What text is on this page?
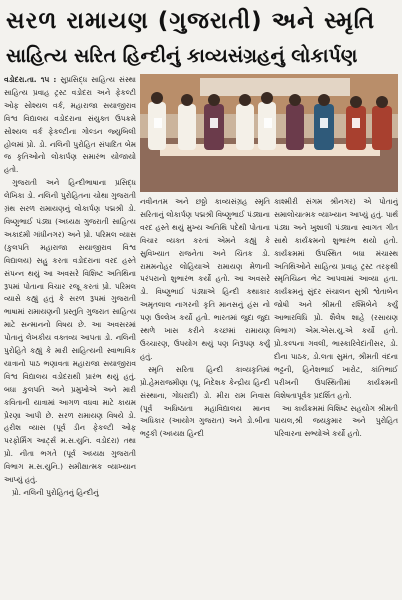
સરળ રામાયણ (ગુજરાતી) અને સ્મૃતિ
સાહિત્ય સરિત હિન્દીનું કાવ્યસંગ્રહનું લોકાર્પણ

વડોદરા.તા. ૧૫ : સુપ્રસિદ્ધ સાહિત્ય સંસ્થા સાહિત્ય પ્રવાહ ટ્રસ્ટ વડોદરા અને ફેકલ્ટી ઓફ સોશ્યલ વર્ક, મહારાજા સયાજીરાવ વિશ્વ વિદ્યાલય વડોદરાના સંયુક્ત ઉપક્રમે સોશ્યલ વર્ક ફેકલ્ટીના ગોલ્ડન જ્યુબિલી હોલમાં પ્રો. ડો. નલિની પુરોહિત સંપાદિત બેમ જ કૃતિઓનો લોકાર્પણ સમારંભ યોજાયો હતો.

ગુજરાતી અને હિન્દીભાષાના પ્રસિદ્ધ લેખિકા ડો. નલિની પુરોહિતના ચોથા ગુજરાતી ગ્રંથ સરળ રામાયણનું લોકાર્પણ પદ્મશ્રી ડો. વિષ્ણુભાઈ પંડ્યા (અધ્યક્ષ ગુજરાતી સાહિત્ય અકાદમી ગાંધીનગર) અને પ્રો. પરિમલ વ્યાસ (કુલપતિ મહારાજા સયાજીરાવ વિશ્વ વિદ્યાલય) સહુ કરતા વડોદરાના વરદ હસ્તે સંપન્ન થયું આ અવસરે વિશિષ્ટ અતિથિના રૂપમાં પોતાના વિચાર રજૂ કરતાં પ્રો. પરિમલ વ્યાસે કહ્યું હતું કે સરળ રૂપમાં ગુજરાતી ભાષામાં રામાયણની પ્રસ્તુતિ ગુજરાત સાહિત્ય માટે સન્માનનો વિષય છે. આ અવસરમાં પોતાનું લેખકીય વક્તવ્ય આપતા ડો. નલિની પુરોહિતે કહ્યું કે મારી સાહિત્યની સ્વાભાવિક યાત્રાનો પાઠ ભણાવતા મહારાજા સયાજીરાવ વિશ્વ વિદ્યાલય વડોદરાથી પ્રારંભ થયું હતું. બધા કુલપતિ અને પ્રમુખોએ અને મારી કવિતાની યાત્રામાં આગળ વધવા માટે કાયમ પ્રેરણા આપી છે. સરળ રામાયણ વિષયે ડો. હરીશ વ્યાસ (પૂર્વ ડીન ફેકલ્ટી ઓફ પરફોર્મિંગ આર્ટ્સ મ.સ.યુનિ. વડોદરા) તથા પ્રો. નીતા ભગતે (પૂર્વ અધ્યક્ષ ગુજરાતી વિભાગ મ.સ.યુનિ.) સમીક્ષાત્મક વ્યાખ્યાન આપ્યું હતું.

પ્રો. નલિની પુરોહિતનું હિન્દીનું

નવીનતમ અને છઠ્ઠો કાવ્યસંગ્રહ સ્મૃતિ સરિતાનું લોકાર્પણ પદ્મશ્રી વિષ્ણુભાઈ પંડ્યાના વરદ હસ્તે થયું મુખ્ય અતિથિ પદેથી પોતાના વિચાર વ્યક્ત કરતાં એમને કહ્યું કે સુવિખ્યાત રાજનેતા અને ચિંતક ડો. રામમનોહર લોહિયાએ રામાયણ મેળાની પરંપરાનો શુભારંભ કર્યો હતો. આ અવસરે ડો. વિષ્ણુભાઈ પંડ્યાએ હિન્દી કથાકાર અમૃતલાલ નાગરની કૃતિ માનસનું હંસ નો પણ ઉલ્લેખ કર્યો હતો. ભારતમાં જુદા જુદા સ્થળે ખાસ કરીને કચ્છમાં રામાયણ ઉચ્ચારણ, ઉપયોગ થયું પણ નિરૂપણ કર્યું હતું.

સ્મૃતિ સરિતા હિન્દી કાવ્યકૃતિમાં પ્રો.હેમરાજમીણા (પૂ. નિદેશક કેન્દ્રીય હિન્દી સંસ્થાના, ગોધરાદી) ડો. મીરા રામ નિવાસ (પૂર્વ અધિષ્ઠાતા મહાવિદ્યાલય માનવ અધિકાર (આયોગ ગુજરાત) અને ડો.બીના ભટ્ટકી (અધ્યક્ષ હિન્દી

કાશ્મીરી સંગમ શ્રીનગર) એ પોતાનું સમાલોચાત્મક વ્યાખ્યાન આપ્યું હતું. પાર્થ પંડ્યા અને ખુશાલી પંડ્યાના સ્વાગત ગીત સાથે કાર્યક્રમનો શુભારંભ થયો હતો. કાર્યક્રમમાં ઉપસ્થિત બધા મંચાસ્થ અતિથિઓને સાહિત્ય પ્રવાહ ટ્રસ્ટ તરફથી સ્મૃતિચિહ્ન ભેટ આપવામાં આવ્યા હતા. કાર્યક્રમનું સુંદર સંચાલન સુશ્રી શ્વેતાબેન જોષી અને શ્રીમતી રશ્મિબેને કર્યું આભારવિધિ પ્રો. શૈલેષ શાહે (રસાયણ વિભાગ) એમ.એસ.યુ.એ કર્યો હતો. પ્રો.કલ્પના ગવલી, ભાસ્કારિવેદાંતીસર, ડો. દીના પાઠક, ડો.લતા સુમંત, શ્રીમતી વંદના ભટ્ટની, હિનેશભાઈ ખારોટ, કાંતિભાઈ પરીખની ઉપસ્થિતીમાં કાર્યક્રમની વિશેષતાપૂર્વક પ્રદર્શિત હતો.

આ કાર્યક્રમમાં વિશિષ્ટ સહયોગ શ્રીમતી પાયલ,શ્રી જયકુમાર અને પુરોહિત પરિવારના સભ્યોએ કર્યો હતો.
